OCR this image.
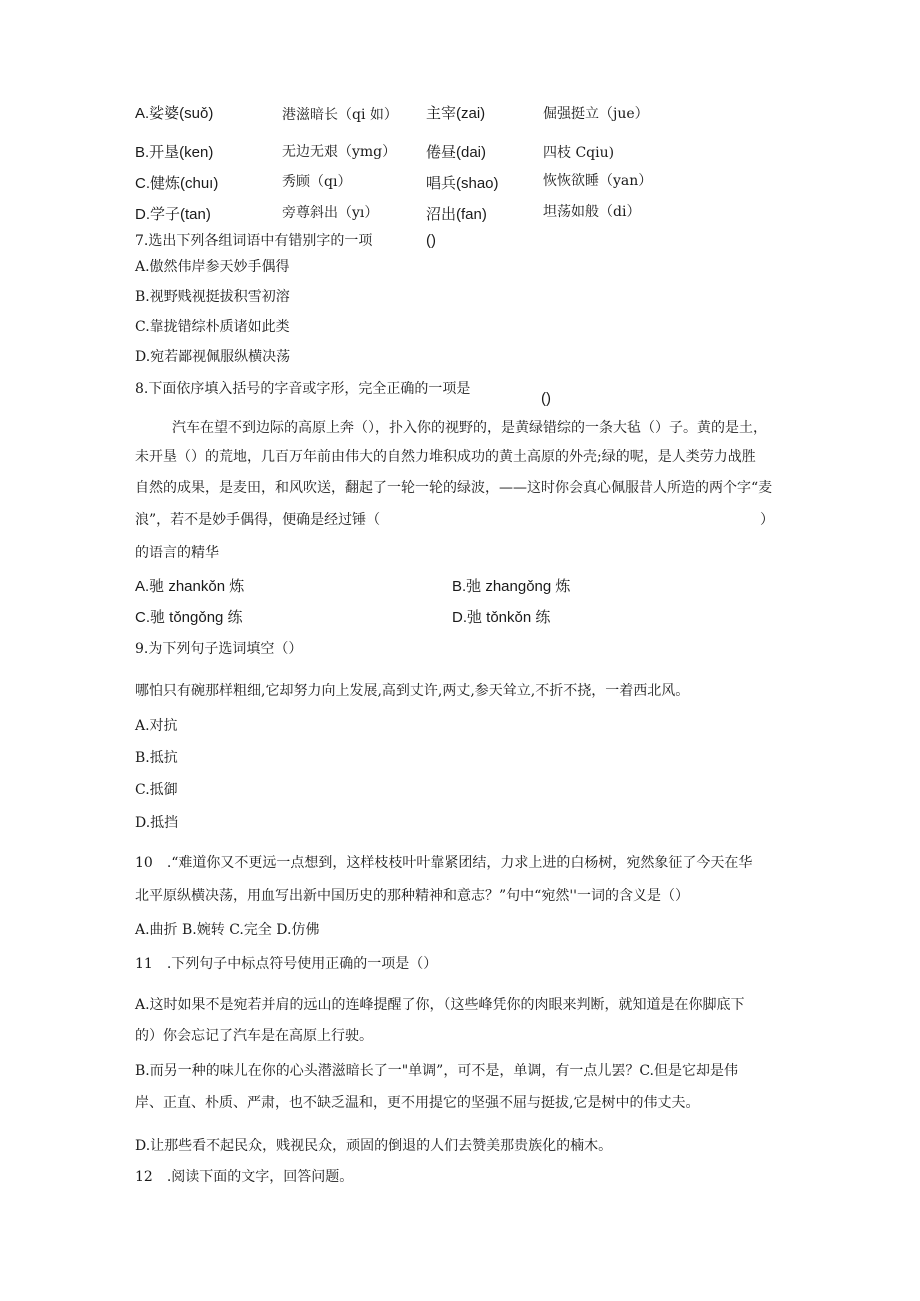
A.娑婆(suǒ)	港滋暗长（qi 如） 主宰(zai)	倔强挺立（jue）
B.开垦(ken)	无边无艰（ymg） 倦昼(dai)	四枝 Cqiu)
C.健炼(chuı)	秀顾（qı）	唱兵(shao)	恢恢欲睡（yan）
D.学子(tan)	旁尊斜出（yı）	沼出(fan)	坦荡如般（di）
7.选出下列各组词语中有错别字的一项	()
A.傲然伟岸参天妙手偶得
B.视野贱视挺拔积雪初溶
C.靠拢错综朴质诸如此类
D.宛若鄙视佩服纵横决荡
8.下面依序填入括号的字音或字形，完全正确的一项是
()
汽车在望不到边际的高原上奔（），扑入你的视野的，是黄绿错综的一条大毡（）子。黄的是土，
未开垦（）的荒地，几百万年前由伟大的自然力堆积成功的黄土高原的外壳;绿的呢，是人类劳力战胜
自然的成果，是麦田，和风吹送，翻起了一轮一轮的绿波，——这时你会真心佩服昔人所造的两个字“麦
浪”，若不是妙手偶得，便确是经过锤（	）
的语言的精华
A.驰 zhankǒn 炼	B.弛 zhangǒng 炼
C.驰 tǒngǒng 练	D.弛 tǒnkǒn 练
9.为下列句子选词填空（）
哪怕只有碗那样粗细,它却努力向上发展,高到丈许,两丈,参天耸立,不折不挠，一着西北风。
A.对抗
B.抵抗
C.抵御
D.抵挡
10　.“难道你又不更远一点想到，这样枝枝叶叶靠紧团结，力求上进的白杨树，宛然象征了今天在华
北平原纵横决荡，用血写出新中国历史的那种精神和意志？”句中“宛然''一词的含义是（）
A.曲折 B.婉转 C.完全 D.仿佛
11　.下列句子中标点符号使用正确的一项是（）
A.这时如果不是宛若并肩的远山的连峰提醒了你，（这些峰凭你的肉眼来判断，就知道是在你脚底下
的）你会忘记了汽车是在高原上行驶。
B.而另一种的味儿在你的心头潜滋暗长了一"单调”，可不是，单调，有一点儿罢？C.但是它却是伟
岸、正直、朴质、严肃，也不缺乏温和，更不用提它的坚强不屈与挺拔,它是树中的伟丈夫。
D.让那些看不起民众，贱视民众，顽固的倒退的人们去赞美那贵族化的楠木。
12　.阅读下面的文字，回答问题。
